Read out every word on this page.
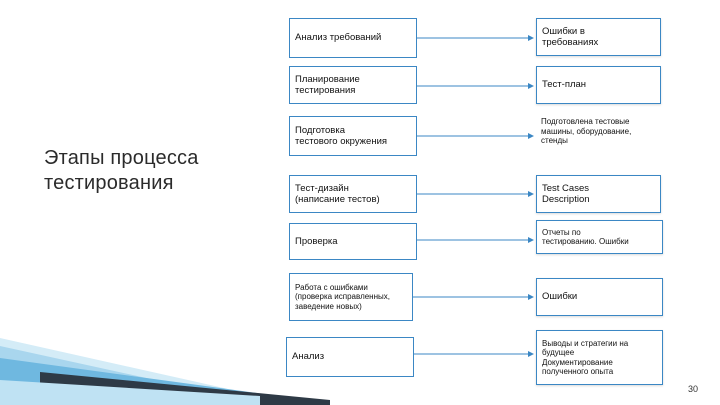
Этапы процесса
тестирования
Анализ требований
Планирование
тестирования
Подготовка
тестового окружения
Тест-дизайн
(написание тестов)
Проверка
Работа с ошибками
(проверка исправленных,
заведение новых)
Анализ
Ошибки в
требованиях
Тест-план
Подготовлена тестовые
машины, оборудование,
стенды
Test Cases
Description
Отчеты по
тестированию. Ошибки
Ошибки
Выводы и стратегии на
будущее
Документирование
полученного опыта
30
